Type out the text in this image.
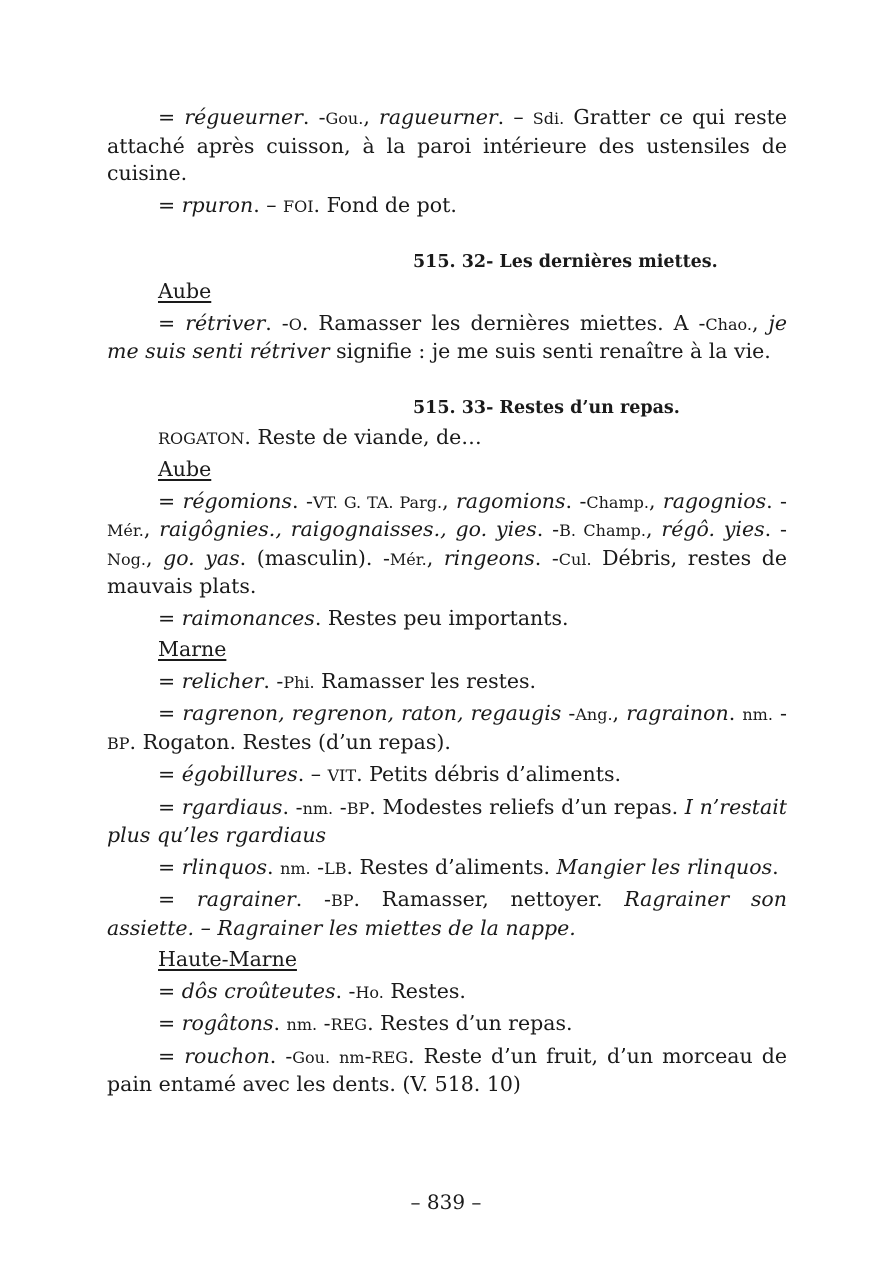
= régueurner. -Gou., ragueurner. – Sdi. Gratter ce qui reste attaché après cuisson, à la paroi intérieure des ustensiles de cuisine.

= rpuron. – FOI. Fond de pot.

515. 32- Les dernières miettes.
Aube

= rétriver. -O. Ramasser les dernières miettes. A -Chao., je me suis senti rétriver signifie : je me suis senti renaître à la vie.

515. 33- Restes d’un repas.

ROGATON. Reste de viande, de…

Aube

= régomions. -VT. G. TA. Parg., ragomions. -Champ., ragognios. -Mér., raigôgnies., raigognaisses., go. yies. -B. Champ., régô. yies. -Nog., go. yas. (masculin). -Mér., ringeons. -Cul. Débris, restes de mauvais plats.

= raimonances. Restes peu importants.

Marne

= relicher. -Phi. Ramasser les restes.

= ragrenon, regrenon, raton, regaugis -Ang., ragrainon. nm. -BP. Rogaton. Restes (d’un repas).

= égobillures. – VIT. Petits débris d’aliments.

= rgardiaus. -nm. -BP. Modestes reliefs d’un repas. I n’restait plus qu’les rgardiaus

= rlinquos. nm. -LB. Restes d’aliments. Mangier les rlinquos.

= ragrainer. -BP. Ramasser, nettoyer. Ragrainer son assiette. – Ragrainer les miettes de la nappe.

Haute-Marne

= dôs croûteutes. -Ho. Restes.

= rogâtons. nm. -REG. Restes d’un repas.

= rouchon. -Gou. nm-REG. Reste d’un fruit, d’un morceau de pain entamé avec les dents. (V. 518. 10)

– 839 –
